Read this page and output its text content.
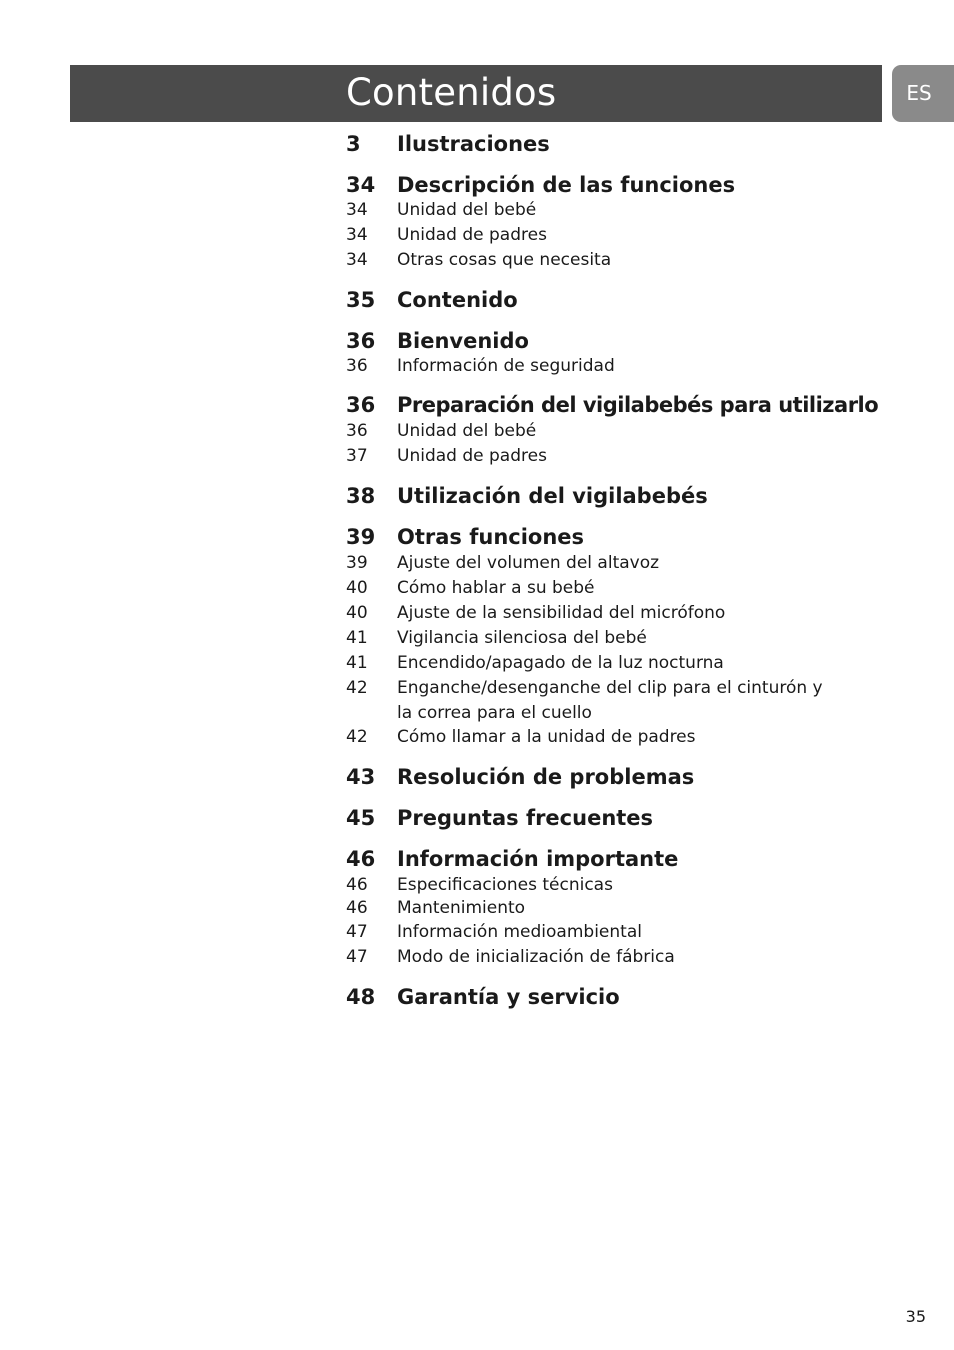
Contenidos	ES
3 Ilustraciones
34 Descripción de las funciones
34 Unidad del bebé
34 Unidad de padres
34 Otras cosas que necesita
35 Contenido
36 Bienvenido
36 Información de seguridad
36 Preparación del vigilabebés para utilizarlo
36 Unidad del bebé
37 Unidad de padres
38 Utilización del vigilabebés
39 Otras funciones
39 Ajuste del volumen del altavoz
40 Cómo hablar a su bebé
40 Ajuste de la sensibilidad del micrófono
41 Vigilancia silenciosa del bebé
41 Encendido/apagado de la luz nocturna
42 Enganche/desenganche del clip para el cinturón y la correa para el cuello
42 Cómo llamar a la unidad de padres
43 Resolución de problemas
45 Preguntas frecuentes
46 Información importante
46 Especificaciones técnicas
46 Mantenimiento
47 Información medioambiental
47 Modo de inicialización de fábrica
48 Garantía y servicio
35
